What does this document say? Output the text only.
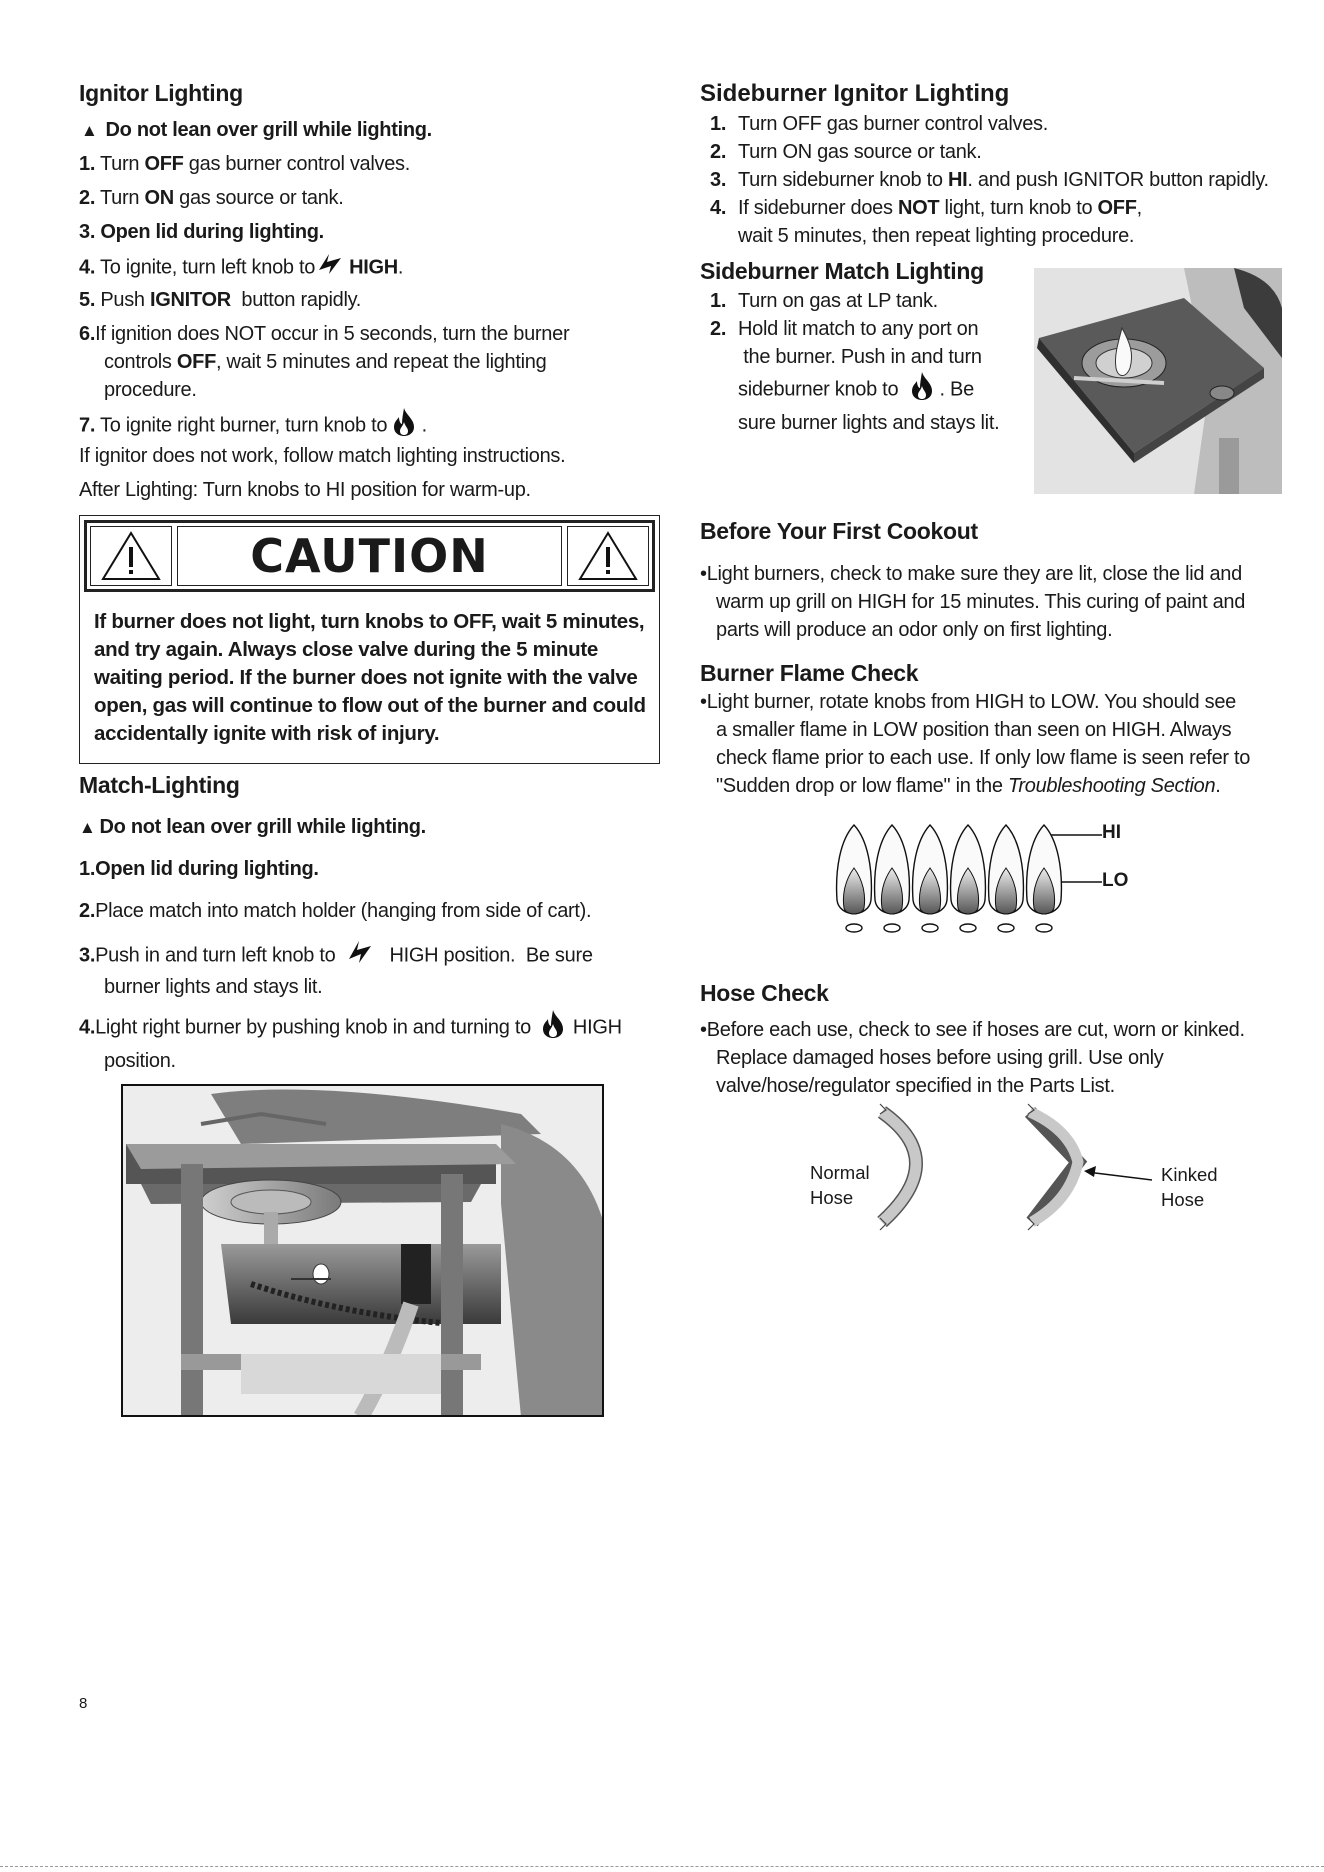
Ignitor Lighting
▲ Do not lean over grill while lighting.
1. Turn OFF gas burner control valves.
2. Turn ON gas source or tank.
3. Open lid during lighting.
4. To ignite, turn left knob to HIGH.
5. Push IGNITOR  button rapidly.
6.If ignition does NOT occur in 5 seconds, turn the burner
controls OFF, wait 5 minutes and repeat the lighting
procedure.
7. To ignite right burner, turn knob to  .
If ignitor does not work, follow match lighting instructions.
After Lighting: Turn knobs to HI position for warm-up.
CAUTION
If burner does not light, turn knobs to OFF, wait 5 minutes, and try again. Always close valve during the 5 minute waiting period. If the burner does not ignite with the valve open, gas will continue to flow out of the burner and could accidentally ignite with risk of injury.
Match-Lighting
▲ Do not lean over grill while lighting.
1.Open lid during lighting.
2.Place match into match holder (hanging from side of cart).
3.Push in and turn left knob to	HIGH position.  Be sure
burner lights and stays lit.
4.Light right burner by pushing knob in and turning to HIGH
position.
Sideburner Ignitor Lighting
1. Turn OFF gas burner control valves.
2. Turn ON gas source or tank.
3. Turn sideburner knob to HI. and push IGNITOR button rapidly.
4. If sideburner does NOT light, turn knob to OFF,
wait 5 minutes, then repeat lighting procedure.
Sideburner Match Lighting
1. Turn on gas at LP tank.
2. Hold lit match to any port on
the burner. Push in and turn
sideburner knob to . Be
sure burner lights and stays lit.
Before Your First Cookout
•Light burners, check to make sure they are lit, close the lid and
warm up grill on HIGH for 15 minutes. This curing of paint and
parts will produce an odor only on first lighting.
Burner Flame Check
•Light burner, rotate knobs from HIGH to LOW. You should see
a smaller flame in LOW position than seen on HIGH. Always
check flame prior to each use. If only low flame is seen refer to
"Sudden drop or low flame" in the Troubleshooting Section.
HI
LO
Hose Check
•Before each use, check to see if hoses are cut, worn or kinked.
Replace damaged hoses before using grill. Use only
valve/hose/regulator specified in the Parts List.
Normal
Hose
Kinked
Hose
8
